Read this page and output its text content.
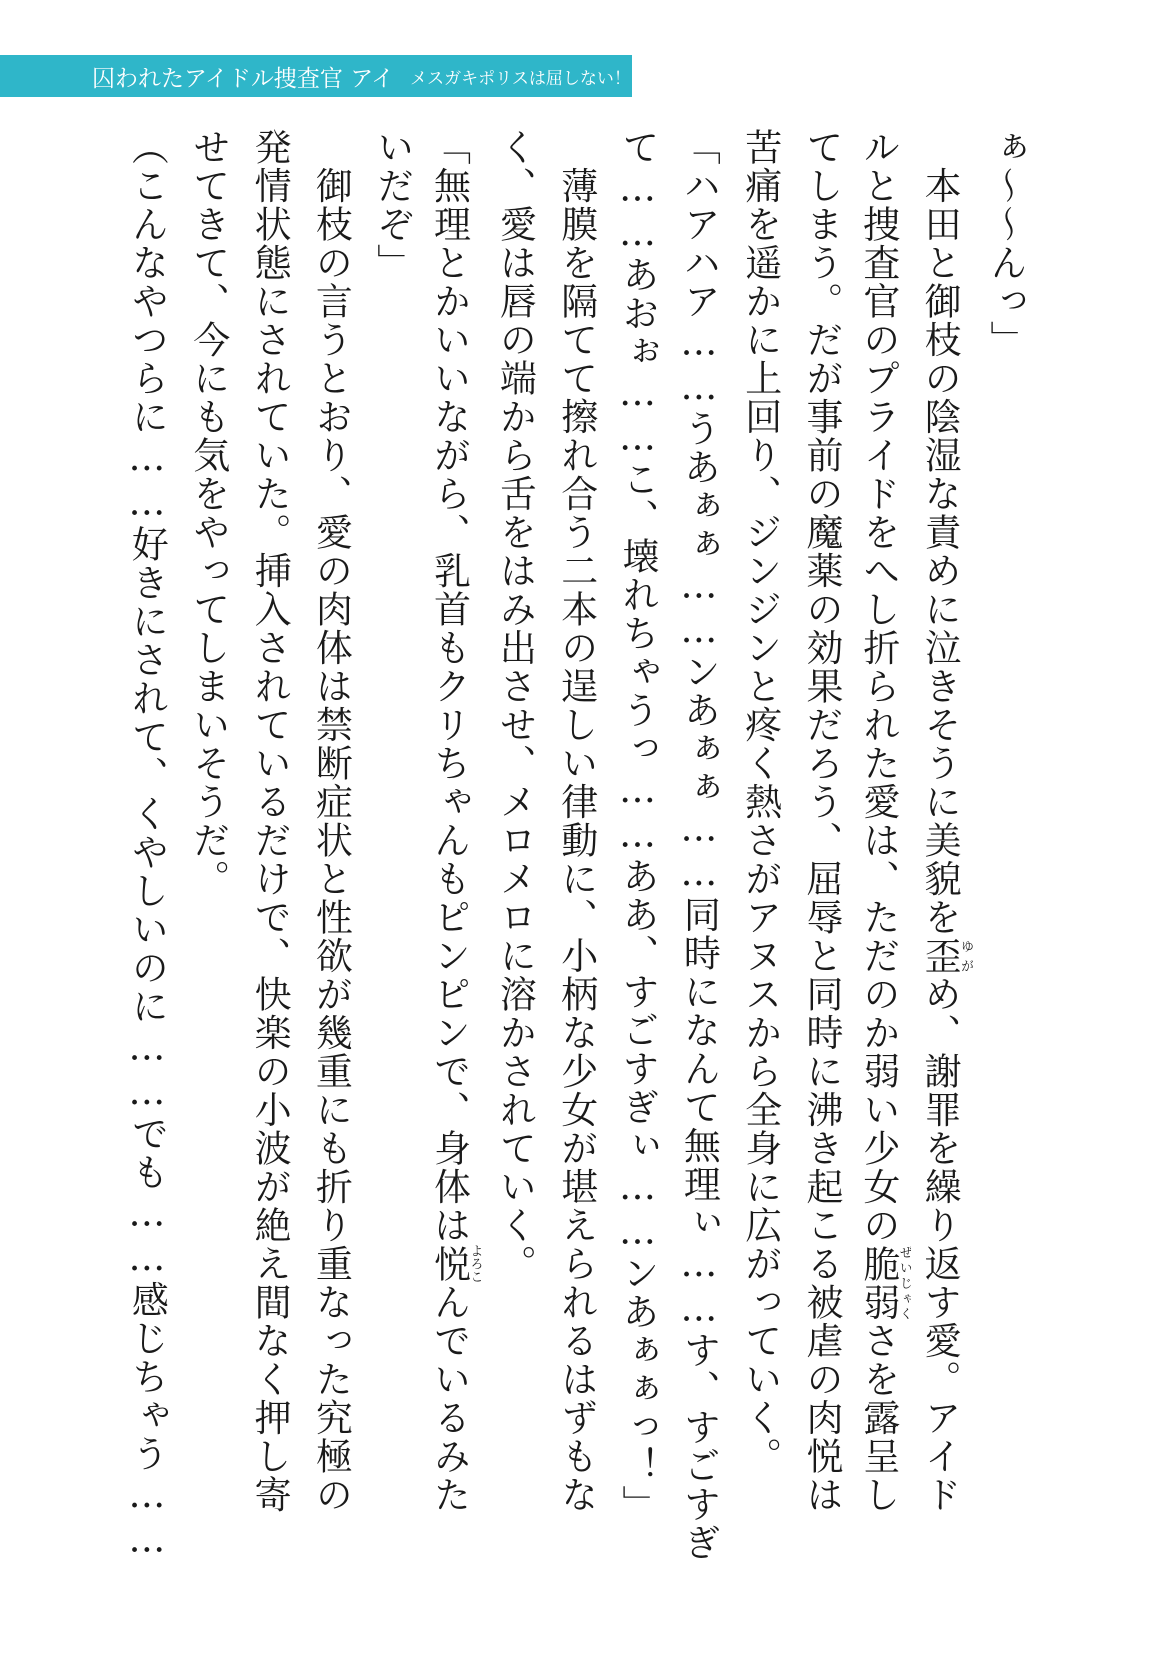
囚われたアイドル捜査官 アイ メスガキポリスは屈しない！
ぁ〜〜んっ」
　本田と御枝の陰湿な責めに泣きそうに美貌を歪ゆがめ、謝罪を繰り返す愛。アイド
ルと捜査官のプライドをへし折られた愛は、ただのか弱い少女の脆弱ぜいじゃくさを露呈し
てしまう。だが事前の魔薬の効果だろう、屈辱と同時に沸き起こる被虐の肉悦は
苦痛を遥かに上回り、ジンジンと疼く熱さがアヌスから全身に広がっていく。
「ハアハア……うあぁぁ……ンあぁぁ……同時になんて無理ぃ……す、すごすぎ
て……あおぉ……こ、壊れちゃうっ……ああ、すごすぎぃ……ンあぁぁっ！」
　薄膜を隔てて擦れ合う二本の逞しい律動に、小柄な少女が堪えられるはずもな
く、愛は唇の端から舌をはみ出させ、メロメロに溶かされていく。
「無理とかいいながら、乳首もクリちゃんもピンピンで、身体は悦よろこんでいるみた
いだぞ」
　御枝の言うとおり、愛の肉体は禁断症状と性欲が幾重にも折り重なった究極の
発情状態にされていた。挿入されているだけで、快楽の小波が絶え間なく押し寄
せてきて、今にも気をやってしまいそうだ。
（こんなやつらに……好きにされて、くやしいのに……でも……感じちゃう……
